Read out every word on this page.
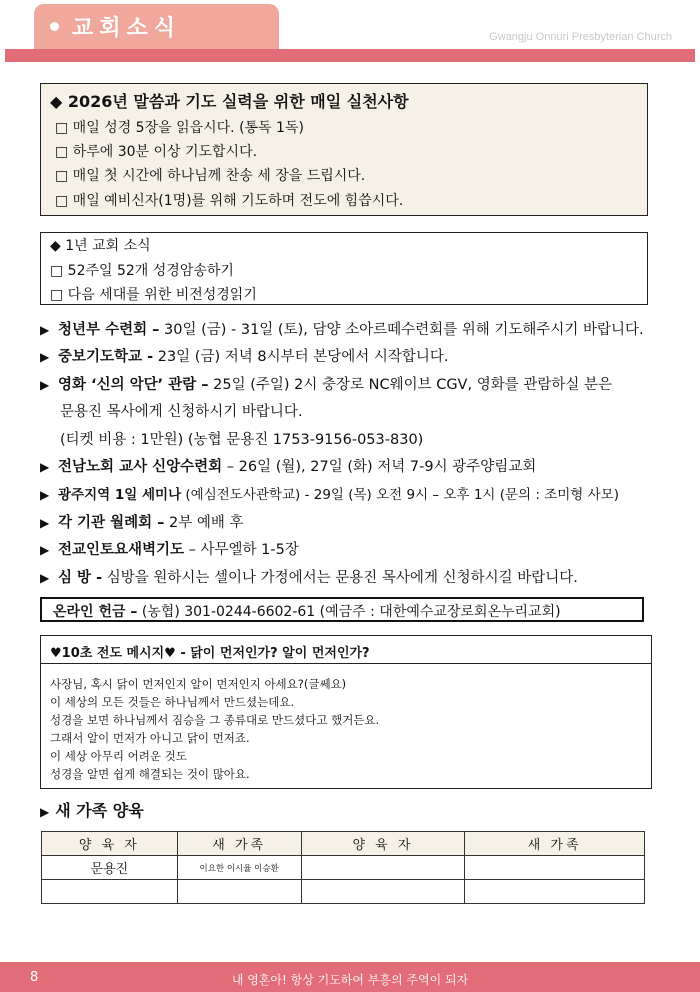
교회소식	Gwangju Onnuri Presbyterian Church
◆ 2026년 말씀과 기도 실력을 위한 매일 실천사항
□ 매일 성경 5장을 읽읍시다. (통독 1독)
□ 하루에 30분 이상 기도합시다.
□ 매일 첫 시간에 하나님께 찬송 세 장을 드립시다.
□ 매일 예비신자(1명)를 위해 기도하며 전도에 힘씁시다.
◆ 1년 교회 소식
□ 52주일 52개 성경암송하기
□ 다음 세대를 위한 비전성경읽기
▶ 청년부 수련회 – 30일 (금) - 31일 (토), 담양 소아르떼수련회를 위해 기도해주시기 바랍니다.
▶ 중보기도학교 - 23일 (금) 저녁 8시부터 본당에서 시작합니다.
▶ 영화 ‘신의 악단’ 관람 – 25일 (주일) 2시 충장로 NC웨이브 CGV, 영화를 관람하실 분은
문용진 목사에게 신청하시기 바랍니다.
(티켓 비용 : 1만원) (농협 문용진 1753-9156-053-830)
▶ 전남노회 교사 신앙수련회 – 26일 (월), 27일 (화) 저녁 7-9시 광주양림교회
▶ 광주지역 1일 세미나 (예심전도사관학교) - 29일 (목) 오전 9시 – 오후 1시 (문의 : 조미형 사모)
▶ 각 기관 월례회 – 2부 예배 후
▶ 전교인토요새벽기도 – 사무엘하 1-5장
▶ 심 방 - 심방을 원하시는 셀이나 가정에서는 문용진 목사에게 신청하시길 바랍니다.
온라인 헌금 – (농협) 301-0244-6602-61 (예금주 : 대한예수교장로회온누리교회)
♥10초 전도 메시지♥ - 닭이 먼저인가? 알이 먼저인가?
사장님, 혹시 닭이 먼저인지 알이 먼저인지 아세요?(글쎄요)
이 세상의 모든 것들은 하나님께서 만드셨는데요.
성경을 보면 하나님께서 짐승을 그 종류대로 만드셨다고 했거든요.
그래서 알이 먼저가 아니고 닭이 먼저죠.
이 세상 아무리 어려운 것도
성경을 알면 쉽게 해결되는 것이 많아요.
▶ 새 가족 양육
양 육 자	새 가족	양 육 자	새 가족
문용진	이요한 이시율 이승환		

8	내 영혼아! 항상 기도하여 부흥의 주역이 되자
